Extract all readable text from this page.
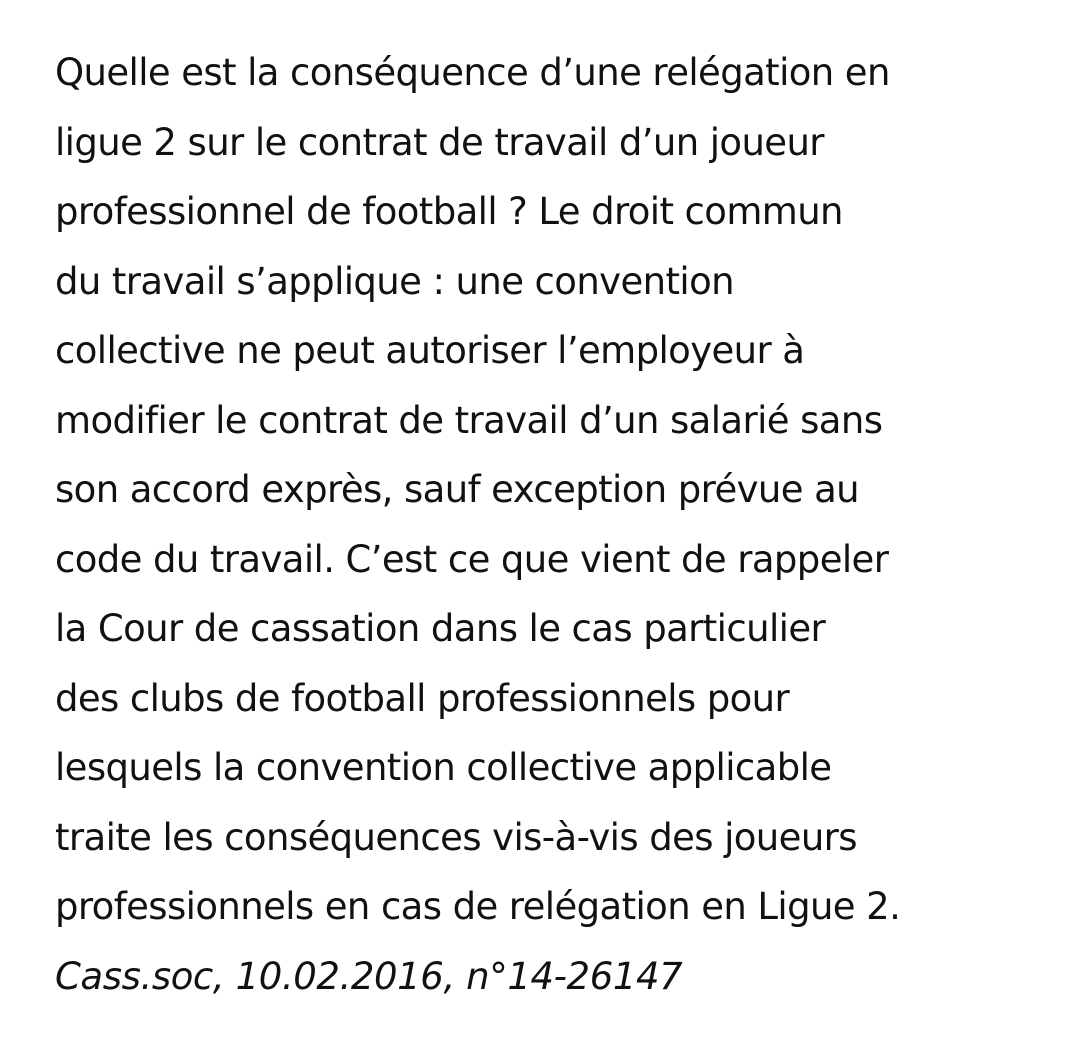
Quelle est la conséquence d’une relégation en
ligue 2 sur le contrat de travail d’un joueur
professionnel de football ? Le droit commun
du travail s’applique : une convention
collective ne peut autoriser l’employeur à
modifier le contrat de travail d’un salarié sans
son accord exprès, sauf exception prévue au
code du travail. C’est ce que vient de rappeler
la Cour de cassation dans le cas particulier
des clubs de football professionnels pour
lesquels la convention collective applicable
traite les conséquences vis-à-vis des joueurs
professionnels en cas de relégation en Ligue 2.
Cass.soc, 10.02.2016, n°14-26147
